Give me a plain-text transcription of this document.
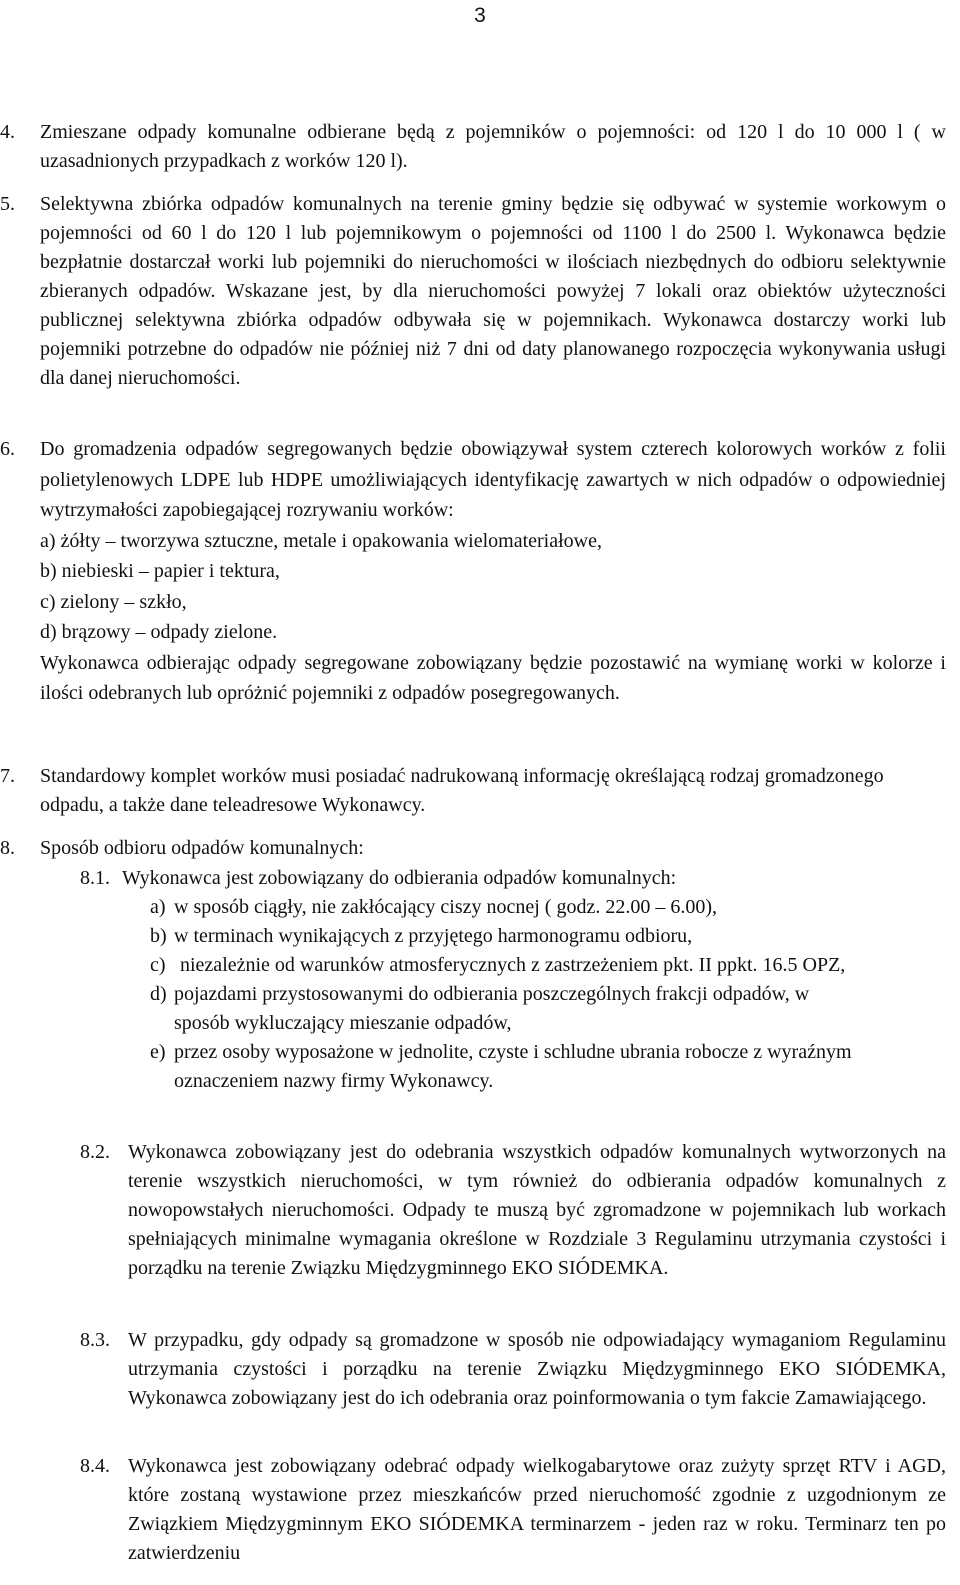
3
4.	Zmieszane odpady komunalne odbierane będą z pojemników o pojemności: od 120 l do 10 000 l ( w uzasadnionych przypadkach z worków 120 l).
5.	Selektywna zbiórka odpadów komunalnych na terenie gminy będzie się odbywać w systemie workowym o pojemności od 60 l do 120 l lub pojemnikowym o pojemności od 1100 l do 2500 l. Wykonawca będzie bezpłatnie dostarczał worki lub pojemniki do nieruchomości w ilościach niezbędnych do odbioru selektywnie zbieranych odpadów. Wskazane jest, by dla nieruchomości powyżej 7 lokali oraz obiektów użyteczności publicznej selektywna zbiórka odpadów odbywała się w pojemnikach. Wykonawca dostarczy worki lub pojemniki potrzebne do odpadów nie później niż 7 dni od daty planowanego rozpoczęcia wykonywania usługi dla danej nieruchomości.
6.	Do gromadzenia odpadów segregowanych będzie obowiązywał system czterech kolorowych worków z folii polietylenowych LDPE lub HDPE umożliwiających identyfikację zawartych w nich odpadów o odpowiedniej wytrzymałości zapobiegającej rozrywaniu worków:
a) żółty – tworzywa sztuczne, metale i opakowania wielomateriałowe,
b) niebieski – papier i tektura,
c) zielony – szkło,
d) brązowy – odpady zielone.
Wykonawca odbierając odpady segregowane zobowiązany będzie pozostawić na wymianę worki w kolorze i ilości odebranych lub opróżnić pojemniki z odpadów posegregowanych.
7.	Standardowy komplet worków musi posiadać nadrukowaną informację określającą rodzaj gromadzonego odpadu, a także dane teleadresowe Wykonawcy.
8.	Sposób odbioru odpadów komunalnych:
8.1. Wykonawca jest zobowiązany do odbierania odpadów komunalnych:
a) w sposób ciągły, nie zakłócający ciszy nocnej ( godz. 22.00 – 6.00),
b) w terminach wynikających z przyjętego harmonogramu odbioru,
c) niezależnie od warunków atmosferycznych z zastrzeżeniem pkt. II ppkt. 16.5 OPZ,
d) pojazdami przystosowanymi do odbierania poszczególnych frakcji odpadów, w sposób wykluczający mieszanie odpadów,
e) przez osoby wyposażone w jednolite, czyste i schludne ubrania robocze z wyraźnym oznaczeniem nazwy firmy Wykonawcy.
8.2. Wykonawca zobowiązany jest do odebrania wszystkich odpadów komunalnych wytworzonych na terenie wszystkich nieruchomości, w tym również do odbierania odpadów komunalnych z nowopowstałych nieruchomości. Odpady te muszą być zgromadzone w pojemnikach lub workach spełniających minimalne wymagania określone w Rozdziale 3 Regulaminu utrzymania czystości i porządku na terenie Związku Międzygminnego EKO SIÓDEMKA.
8.3. W przypadku, gdy odpady są gromadzone w sposób nie odpowiadający wymaganiom Regulaminu utrzymania czystości i porządku na terenie Związku Międzygminnego EKO SIÓDEMKA, Wykonawca zobowiązany jest do ich odebrania oraz poinformowania o tym fakcie Zamawiającego.
8.4. Wykonawca jest zobowiązany odebrać odpady wielkogabarytowe oraz zużyty sprzęt RTV i AGD, które zostaną wystawione przez mieszkańców przed nieruchomość zgodnie z uzgodnionym ze Związkiem Międzygminnym EKO SIÓDEMKA terminarzem - jeden raz w roku. Terminarz ten po zatwierdzeniu
